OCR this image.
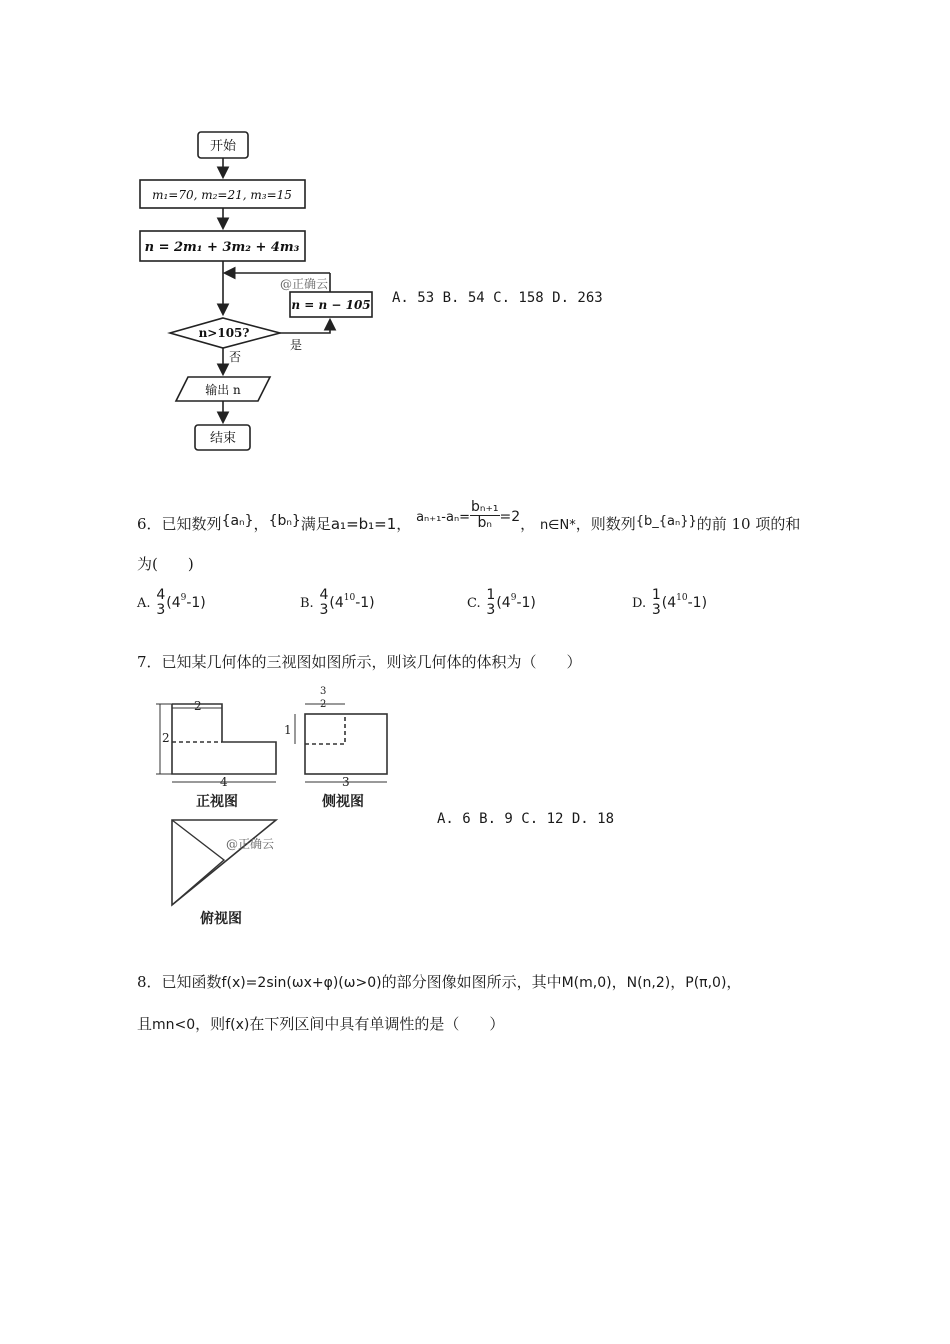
开始
m₁=70, m₂=21, m₃=15
n = 2m₁ + 3m₂ + 4m₃
n = n − 105
n>105?
是
否
输出 n
结束
@正确云
A. 53 B. 54 C. 158 D. 263
6．已知数列{aₙ}，{bₙ}满足a₁=b₁=1， $a_{n+1}-a_n= \frac{\text{bₙ₊₁}}{\text{bₙ}} =2$， n∈N*，则数列{b_{aₙ}}的前 10 项的和
为(　　)
A.
4
3 $(4^9-1)$	B.
4
3 $(4^{10}-1)$	C.
1
3 $(4^9-1)$	D.
1
3 $(4^{10}-1)$
7．已知某几何体的三视图如图所示，则该几何体的体积为（　　）
2
2
4
3
2
1
3
正视图	侧视图
俯视图
@正确云
A. 6 B. 9 C. 12 D. 18
8．已知函数f(x)=2sin(ωx+φ)(ω>0)的部分图像如图所示，其中M(m,0)，N(n,2)，P(π,0)，
且mn<0，则f(x)在下列区间中具有单调性的是（　　）
